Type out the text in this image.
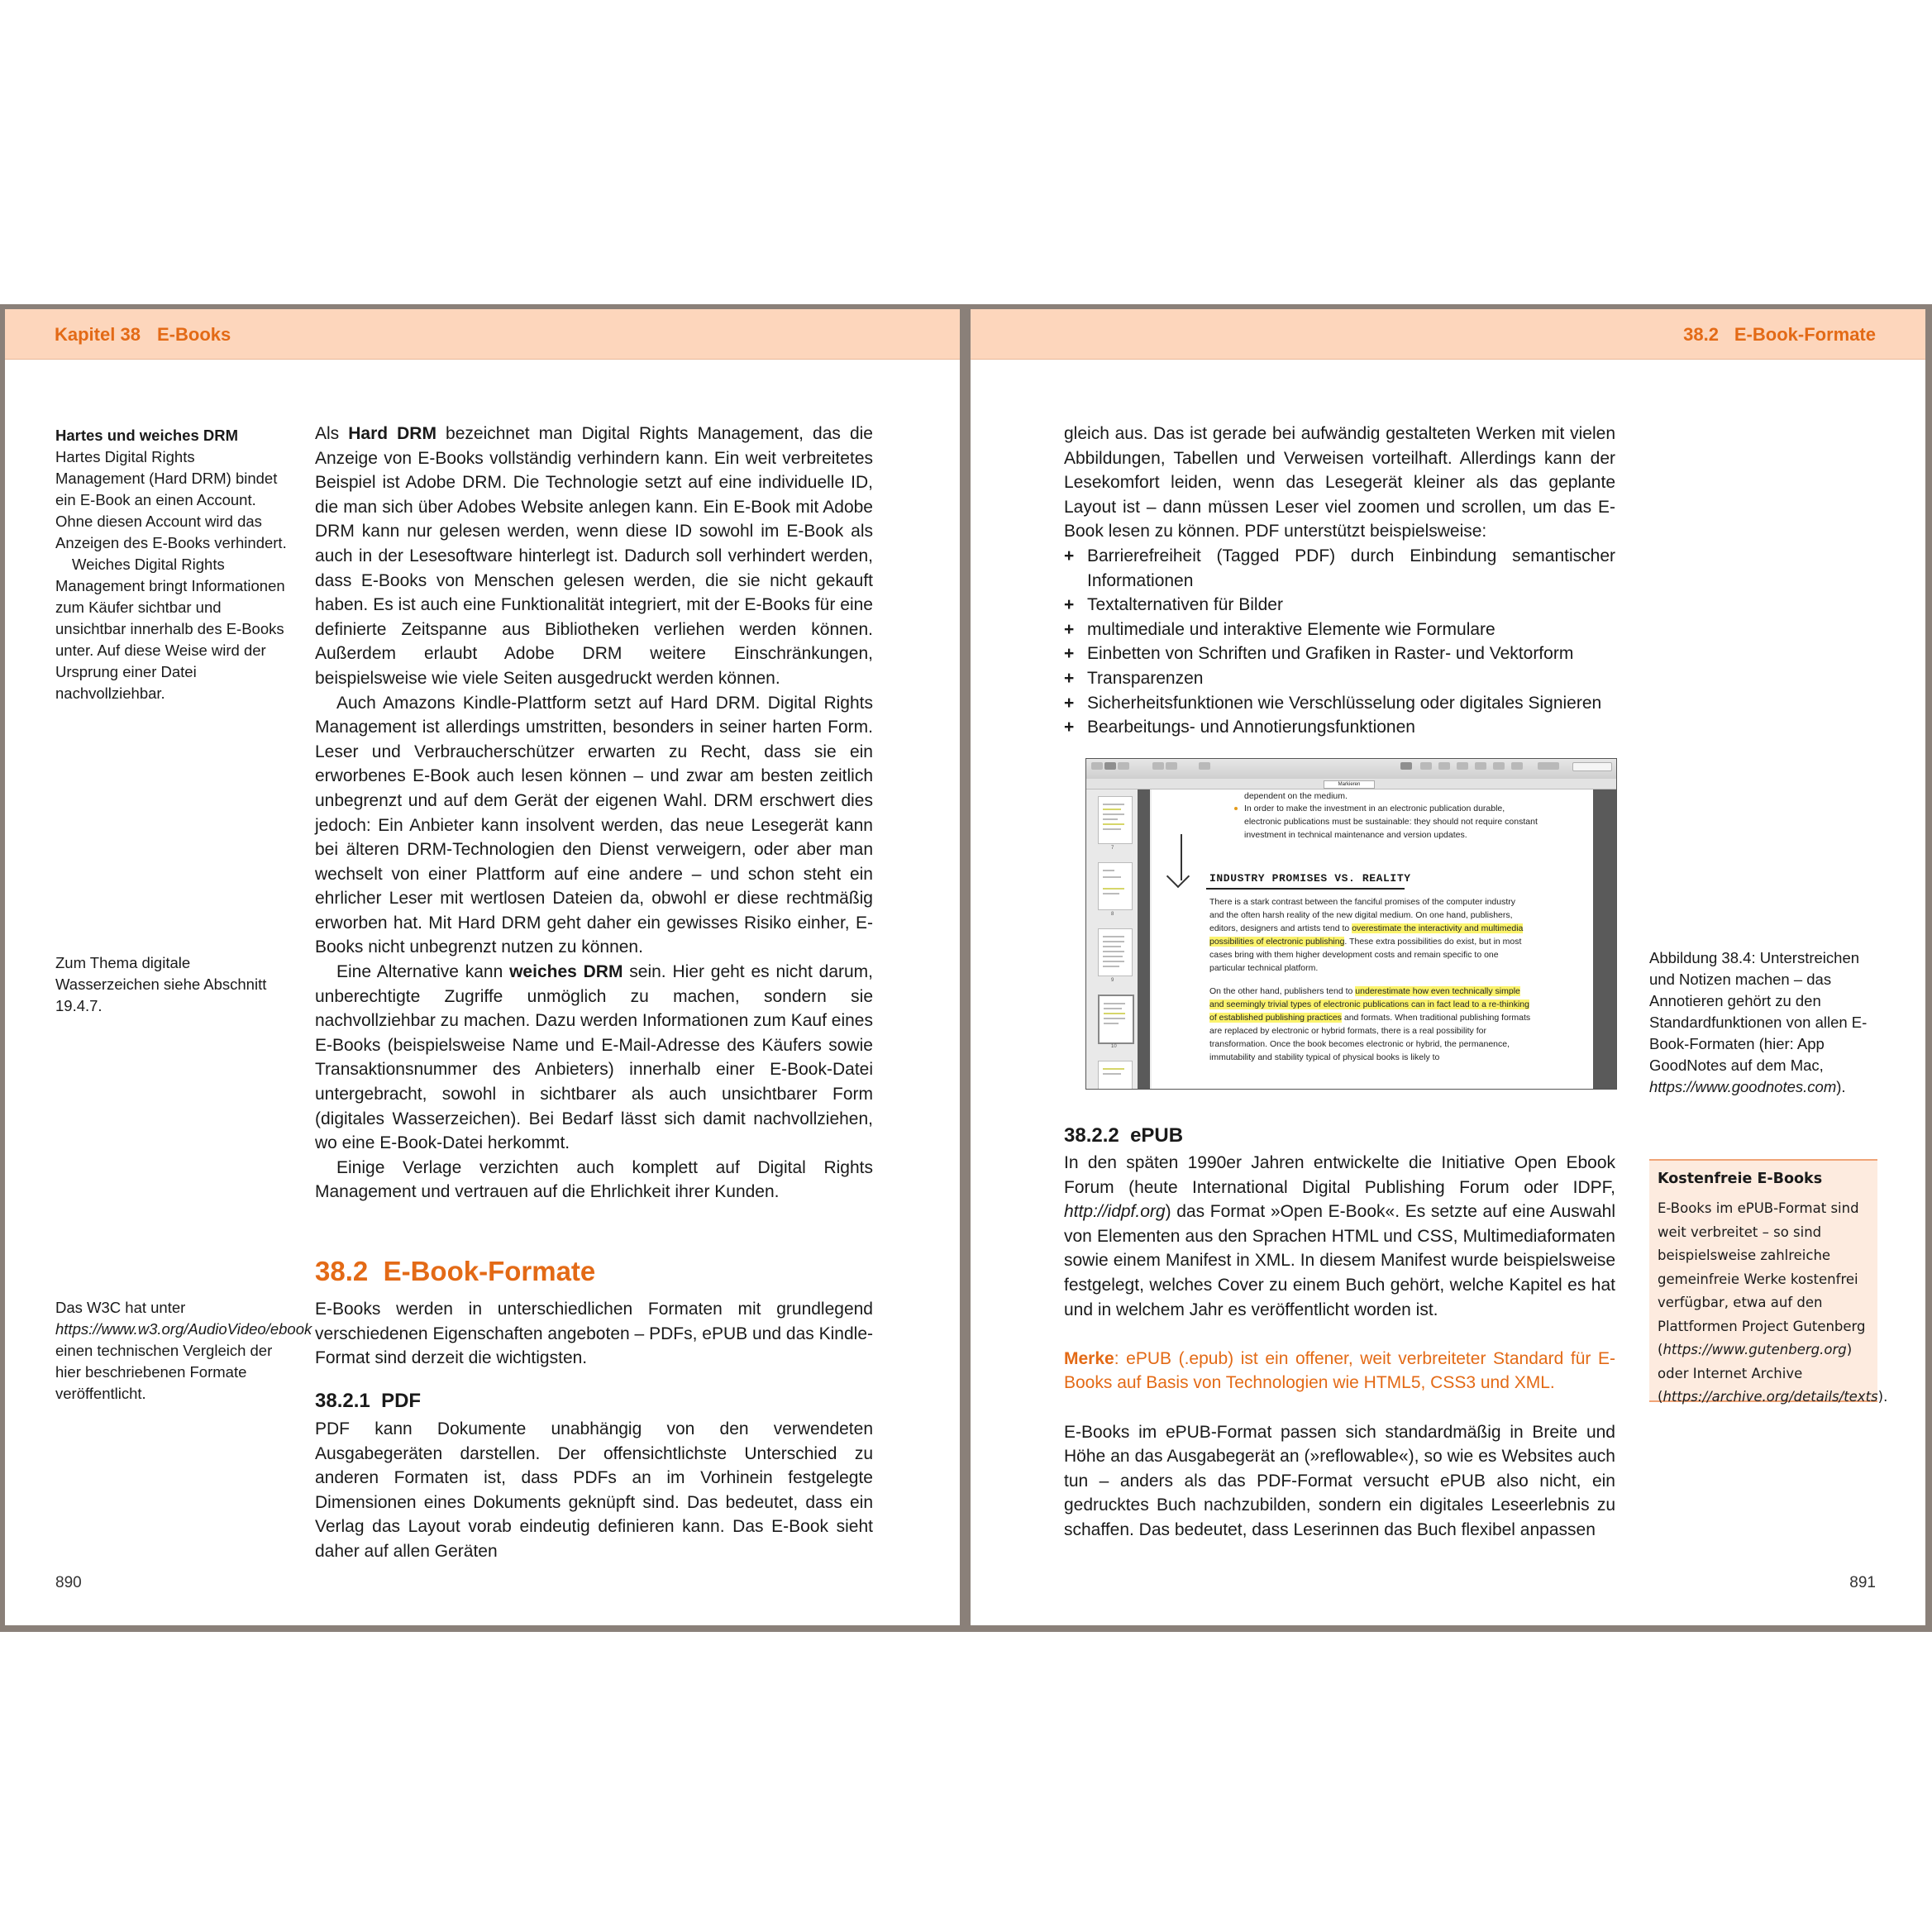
Kapitel 38 E-Books

Hartes und weiches DRM

Hartes Digital Rights Management (Hard DRM) bindet ein E-Book an einen Account. Ohne diesen Account wird das Anzeigen des E-Books verhindert.

Weiches Digital Rights Management bringt Informationen zum Käufer sichtbar und unsichtbar innerhalb des E-Books unter. Auf diese Weise wird der Ursprung einer Datei nachvollziehbar.

Zum Thema digitale Wasserzeichen siehe Abschnitt 19.4.7.

Das W3C hat unter https://www.w3.org/AudioVideo/ebook einen technischen Vergleich der hier beschriebenen Formate veröffentlicht.

Als Hard DRM bezeichnet man Digital Rights Management, das die Anzeige von E-Books vollständig verhindern kann. Ein weit verbreitetes Beispiel ist Adobe DRM. Die Technologie setzt auf eine individuelle ID, die man sich über Adobes Website anlegen kann. Ein E-Book mit Adobe DRM kann nur gelesen werden, wenn diese ID sowohl im E-Book als auch in der Lesesoftware hinterlegt ist. Dadurch soll verhindert werden, dass E-Books von Menschen gelesen werden, die sie nicht gekauft haben. Es ist auch eine Funktionalität integriert, mit der E-Books für eine definierte Zeitspanne aus Bibliotheken verliehen werden können. Außerdem erlaubt Adobe DRM weitere Einschränkungen, beispielsweise wie viele Seiten ausgedruckt werden können.

Auch Amazons Kindle-Plattform setzt auf Hard DRM. Digital Rights Management ist allerdings umstritten, besonders in seiner harten Form. Leser und Verbraucherschützer erwarten zu Recht, dass sie ein erworbenes E-Book auch lesen können – und zwar am besten zeitlich unbegrenzt und auf dem Gerät der eigenen Wahl. DRM erschwert dies jedoch: Ein Anbieter kann insolvent werden, das neue Lesegerät kann bei älteren DRM-Technologien den Dienst verweigern, oder aber man wechselt von einer Plattform auf eine andere – und schon steht ein ehrlicher Leser mit wertlosen Dateien da, obwohl er diese rechtmäßig erworben hat. Mit Hard DRM geht daher ein gewisses Risiko einher, E-Books nicht unbegrenzt nutzen zu können.

Eine Alternative kann weiches DRM sein. Hier geht es nicht darum, unberechtigte Zugriffe unmöglich zu machen, sondern sie nachvollziehbar zu machen. Dazu werden Informationen zum Kauf eines E-Books (beispielsweise Name und E-Mail-Adresse des Käufers sowie Transaktionsnummer des Anbieters) innerhalb einer E-Book-Datei untergebracht, sowohl in sichtbarer als auch unsichtbarer Form (digitales Wasserzeichen). Bei Bedarf lässt sich damit nachvollziehen, wo eine E-Book-Datei herkommt.

Einige Verlage verzichten auch komplett auf Digital Rights Management und vertrauen auf die Ehrlichkeit ihrer Kunden.

38.2 E-Book-Formate

E-Books werden in unterschiedlichen Formaten mit grundlegend verschiedenen Eigenschaften angeboten – PDFs, ePUB und das Kindle-Format sind derzeit die wichtigsten.

38.2.1 PDF

PDF kann Dokumente unabhängig von den verwendeten Ausgabegeräten darstellen. Der offensichtlichste Unterschied zu anderen Formaten ist, dass PDFs an im Vorhinein festgelegte Dimensionen eines Dokuments geknüpft sind. Das bedeutet, dass ein Verlag das Layout vorab eindeutig definieren kann. Das E-Book sieht daher auf allen Geräten

890
38.2 E-Book-Formate

gleich aus. Das ist gerade bei aufwändig gestalteten Werken mit vielen Abbildungen, Tabellen und Verweisen vorteilhaft. Allerdings kann der Lesekomfort leiden, wenn das Lesegerät kleiner als das geplante Layout ist – dann müssen Leser viel zoomen und scrollen, um das E-Book lesen zu können. PDF unterstützt beispielsweise:

+ Barrierefreiheit (Tagged PDF) durch Einbindung semantischer Informationen
+ Textalternativen für Bilder
+ multimediale und interaktive Elemente wie Formulare
+ Einbetten von Schriften und Grafiken in Raster- und Vektorform
+ Transparenzen
+ Sicherheitsfunktionen wie Verschlüsselung oder digitales Signieren
+ Bearbeitungs- und Annotierungsfunktionen
Markieren
7
8
9
10
dependent on the medium.
In order to make the investment in an electronic publication durable, electronic publications must be sustainable: they should not require constant investment in technical maintenance and version updates.
INDUSTRY PROMISES VS. REALITY
There is a stark contrast between the fanciful promises of the computer industry and the often harsh reality of the new digital medium. On one hand, publishers, editors, designers and artists tend to overestimate the interactivity and multimedia possibilities of electronic publishing. These extra possibilities do exist, but in most cases bring with them higher development costs and remain specific to one particular technical platform.
On the other hand, publishers tend to underestimate how even technically simple and seemingly trivial types of electronic publications can in fact lead to a re-thinking of established publishing practices and formats. When traditional publishing formats are replaced by electronic or hybrid formats, there is a real possibility for transformation. Once the book becomes electronic or hybrid, the permanence, immutability and stability typical of physical books is likely to
Abbildung 38.4: Unterstreichen und Notizen machen – das Annotieren gehört zu den Standardfunktionen von allen E-Book-Formaten (hier: App GoodNotes auf dem Mac, https://www.goodnotes.com).
38.2.2 ePUB

In den späten 1990er Jahren entwickelte die Initiative Open Ebook Forum (heute International Digital Publishing Forum oder IDPF, http://idpf.org) das Format »Open E-Book«. Es setzte auf eine Auswahl von Elementen aus den Sprachen HTML und CSS, Multimediaformaten sowie einem Manifest in XML. In diesem Manifest wurde beispielsweise festgelegt, welches Cover zu einem Buch gehört, welche Kapitel es hat und in welchem Jahr es veröffentlicht worden ist.

Merke: ePUB (.epub) ist ein offener, weit verbreiteter Standard für E-Books auf Basis von Technologien wie HTML5, CSS3 und XML.

E-Books im ePUB-Format passen sich standardmäßig in Breite und Höhe an das Ausgabegerät an (»reflowable«), so wie es Websites auch tun – anders als das PDF-Format versucht ePUB also nicht, ein gedrucktes Buch nachzubilden, sondern ein digitales Leseerlebnis zu schaffen. Das bedeutet, dass Leserinnen das Buch flexibel anpassen

Kostenfreie E-Books
E-Books im ePUB-Format sind weit verbreitet – so sind beispielsweise zahlreiche gemeinfreie Werke kostenfrei verfügbar, etwa auf den Plattformen Project Gutenberg (https://www.gutenberg.org) oder Internet Archive (https://archive.org/details/texts).
891
